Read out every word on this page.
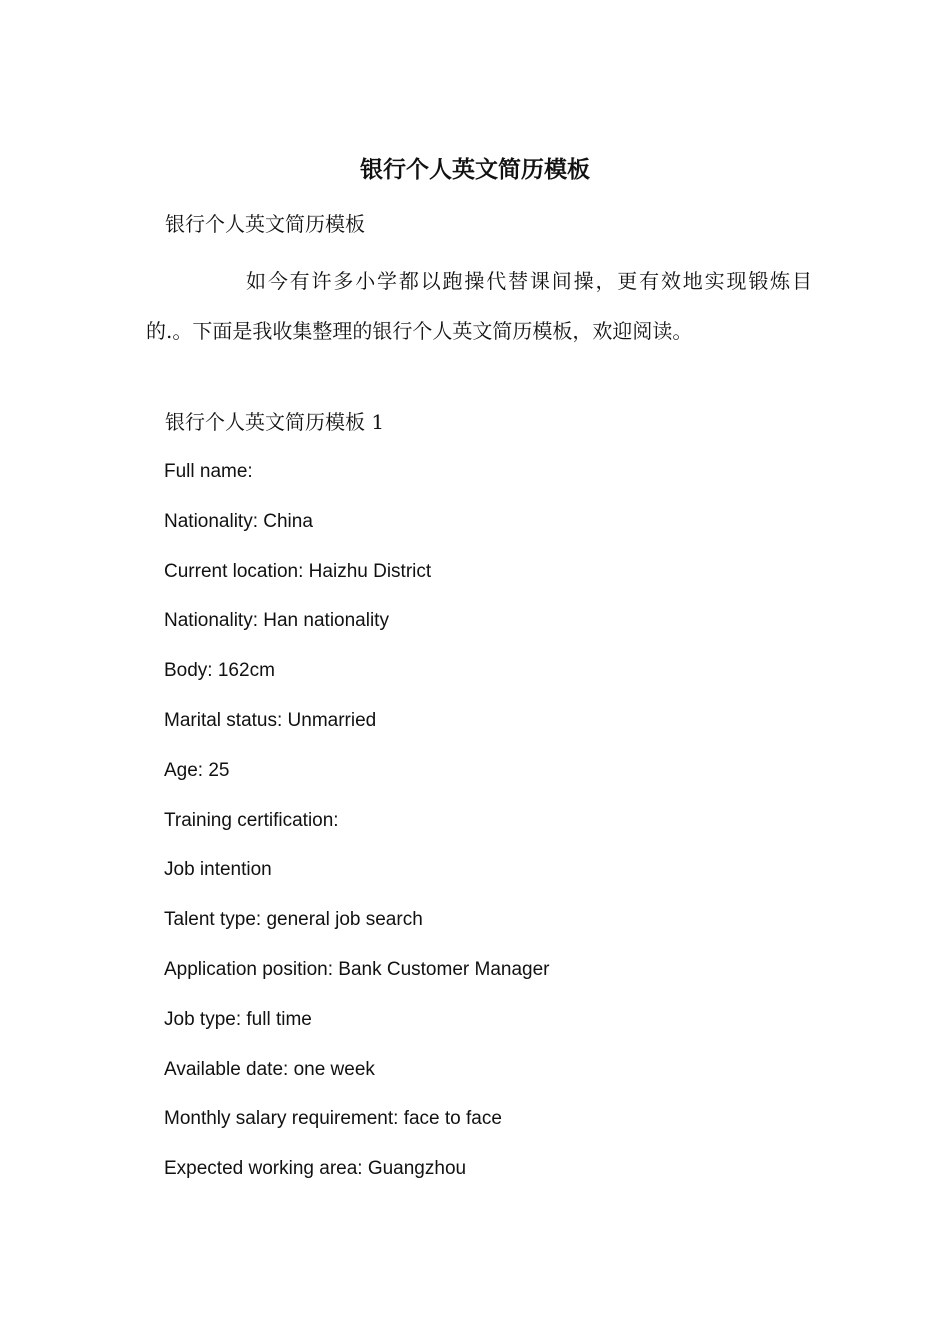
银行个人英文简历模板

银行个人英文简历模板

如今有许多小学都以跑操代替课间操，更有效地实现锻炼目的.。下面是我收集整理的银行个人英文简历模板，欢迎阅读。

银行个人英文简历模板 1

Full name:
Nationality: China
Current location: Haizhu District
Nationality: Han nationality
Body: 162cm
Marital status: Unmarried
Age: 25
Training certification:
Job intention
Talent type: general job search
Application position: Bank Customer Manager
Job type: full time
Available date: one week
Monthly salary requirement: face to face
Expected working area: Guangzhou
